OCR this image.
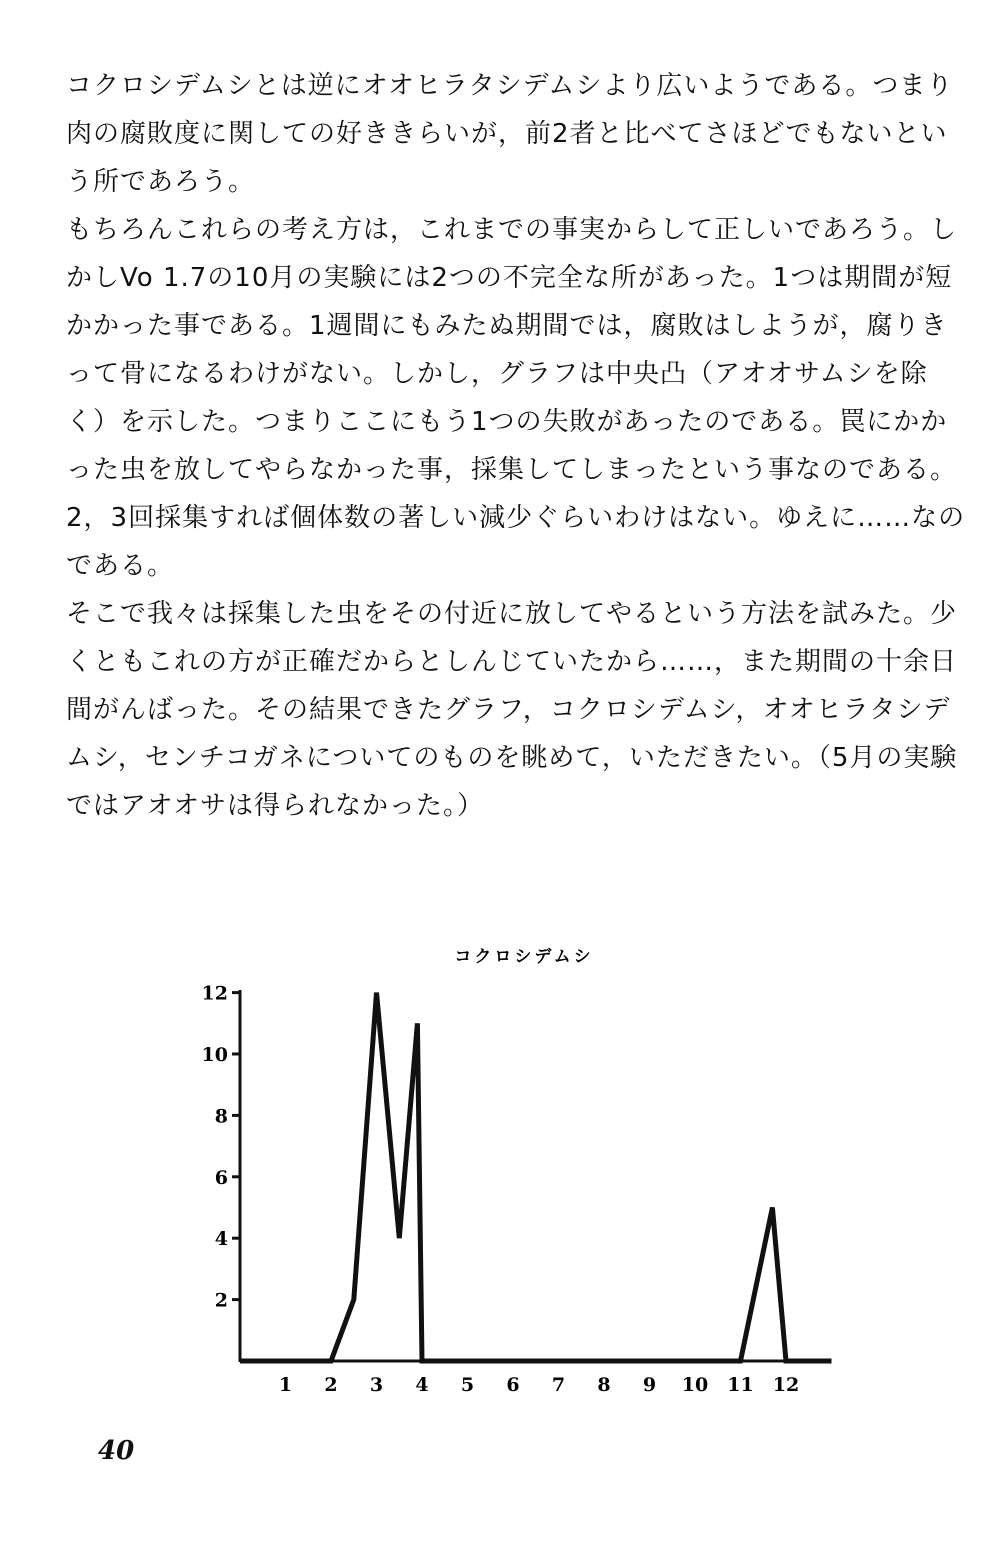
コクロシデムシとは逆にオオヒラタシデムシより広いようである。つまり肉の腐敗度に関しての好ききらいが，前2者と比べてさほどでもないという所であろう。

もちろんこれらの考え方は，これまでの事実からして正しいであろう。しかしVo 1.7の10月の実験には2つの不完全な所があった。1つは期間が短かかった事である。1週間にもみたぬ期間では，腐敗はしようが，腐りきって骨になるわけがない。しかし，グラフは中央凸（アオオサムシを除く）を示した。つまりここにもう1つの失敗があったのである。罠にかかった虫を放してやらなかった事，採集してしまったという事なのである。2，3回採集すれば個体数の著しい減少ぐらいわけはない。ゆえに……なのである。

そこで我々は採集した虫をその付近に放してやるという方法を試みた。少くともこれの方が正確だからとしんじていたから……，また期間の十余日間がんばった。その結果できたグラフ，コクロシデムシ，オオヒラタシデムシ，センチコガネについてのものを眺めて，いただきたい。（5月の実験ではアオオサは得られなかった。）

コクロシデムシ
2
4
6
8
10
12
1 2 3 4 5 6 7 8 9 10 11 12
40
